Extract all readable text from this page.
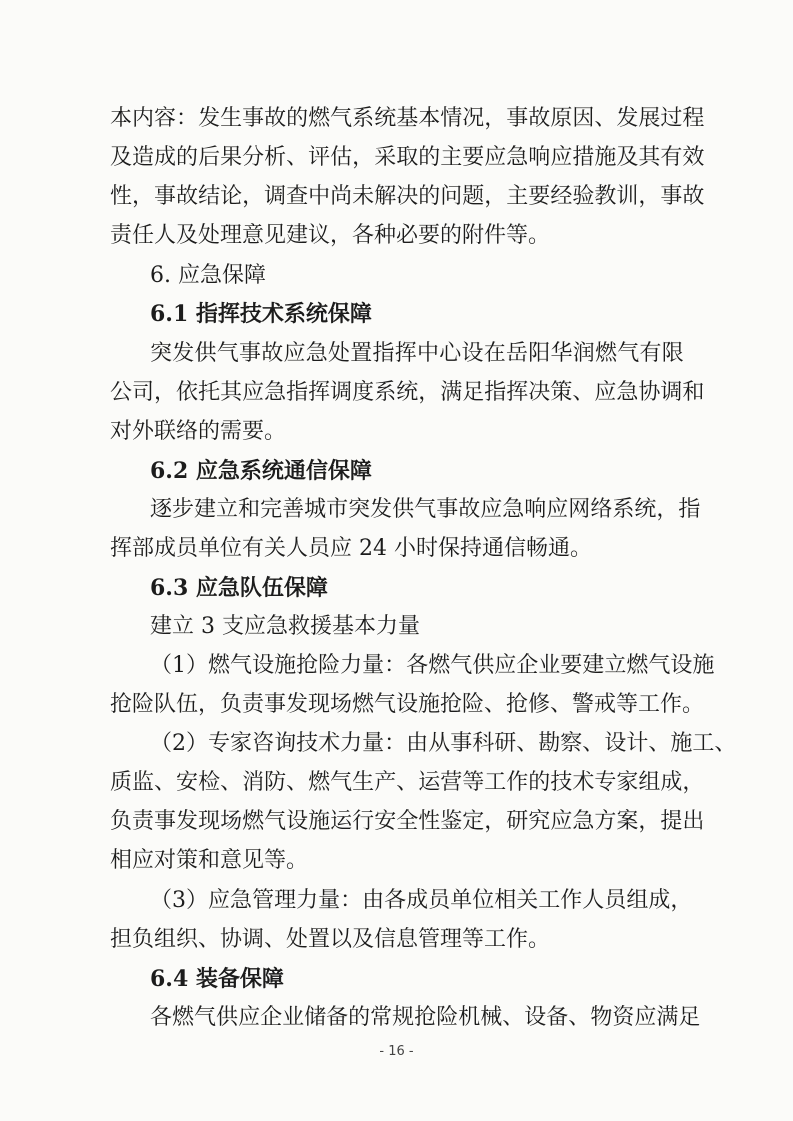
本 内 容 ： 发 生 事 故 的 燃 气 系 统 基 本 情 况 ， 事 故 原 因 、 发 展 过 程
及 造 成 的 后 果 分 析 、 评 估 ， 采 取 的 主 要 应 急 响 应 措 施 及 其 有 效
性 ， 事 故 结 论 ， 调 查 中 尚 未 解 决 的 问 题 ， 主 要 经 验 教 训 ， 事 故
责任人及处理意见建议，各种必要的附件等。
6. 应急保障
6.1 指挥技术系统保障
突 发 供 气 事 故 应 急 处 置 指 挥 中 心 设 在 岳 阳 华 润 燃 气 有 限
公 司 ， 依 托 其 应 急 指 挥 调 度 系 统 ， 满 足 指 挥 决 策 、 应 急 协 调 和
对外联络的需要。
6.2 应急系统通信保障
逐 步 建 立 和 完 善 城 市 突 发 供 气 事 故 应 急 响 应 网 络 系 统 ， 指
挥部成员单位有关人员应 24 小时保持通信畅通。
6.3 应急队伍保障
建立 3 支应急救援基本力量
（ 1 ） 燃 气 设 施 抢 险 力 量 ： 各 燃 气 供 应 企 业 要 建 立 燃 气 设 施
抢险队伍，负责事发现场燃气设施抢险、抢修、警戒等工作。
（ 2 ） 专 家 咨 询 技 术 力 量 ： 由 从 事 科 研 、 勘 察 、 设 计 、 施 工 、
质 监 、 安 检 、 消 防 、 燃 气 生 产 、 运 营 等 工 作 的 技 术 专 家 组 成 ，
负 责 事 发 现 场 燃 气 设 施 运 行 安 全 性 鉴 定 ， 研 究 应 急 方 案 ， 提 出
相应对策和意见等。
（ 3 ） 应 急 管 理 力 量 ： 由 各 成 员 单 位 相 关 工 作 人 员 组 成 ，
担负组织、协调、处置以及信息管理等工作。
6.4 装备保障
各 燃 气 供 应 企 业 储 备 的 常 规 抢 险 机 械 、 设 备 、 物 资 应 满 足
- 16 -
